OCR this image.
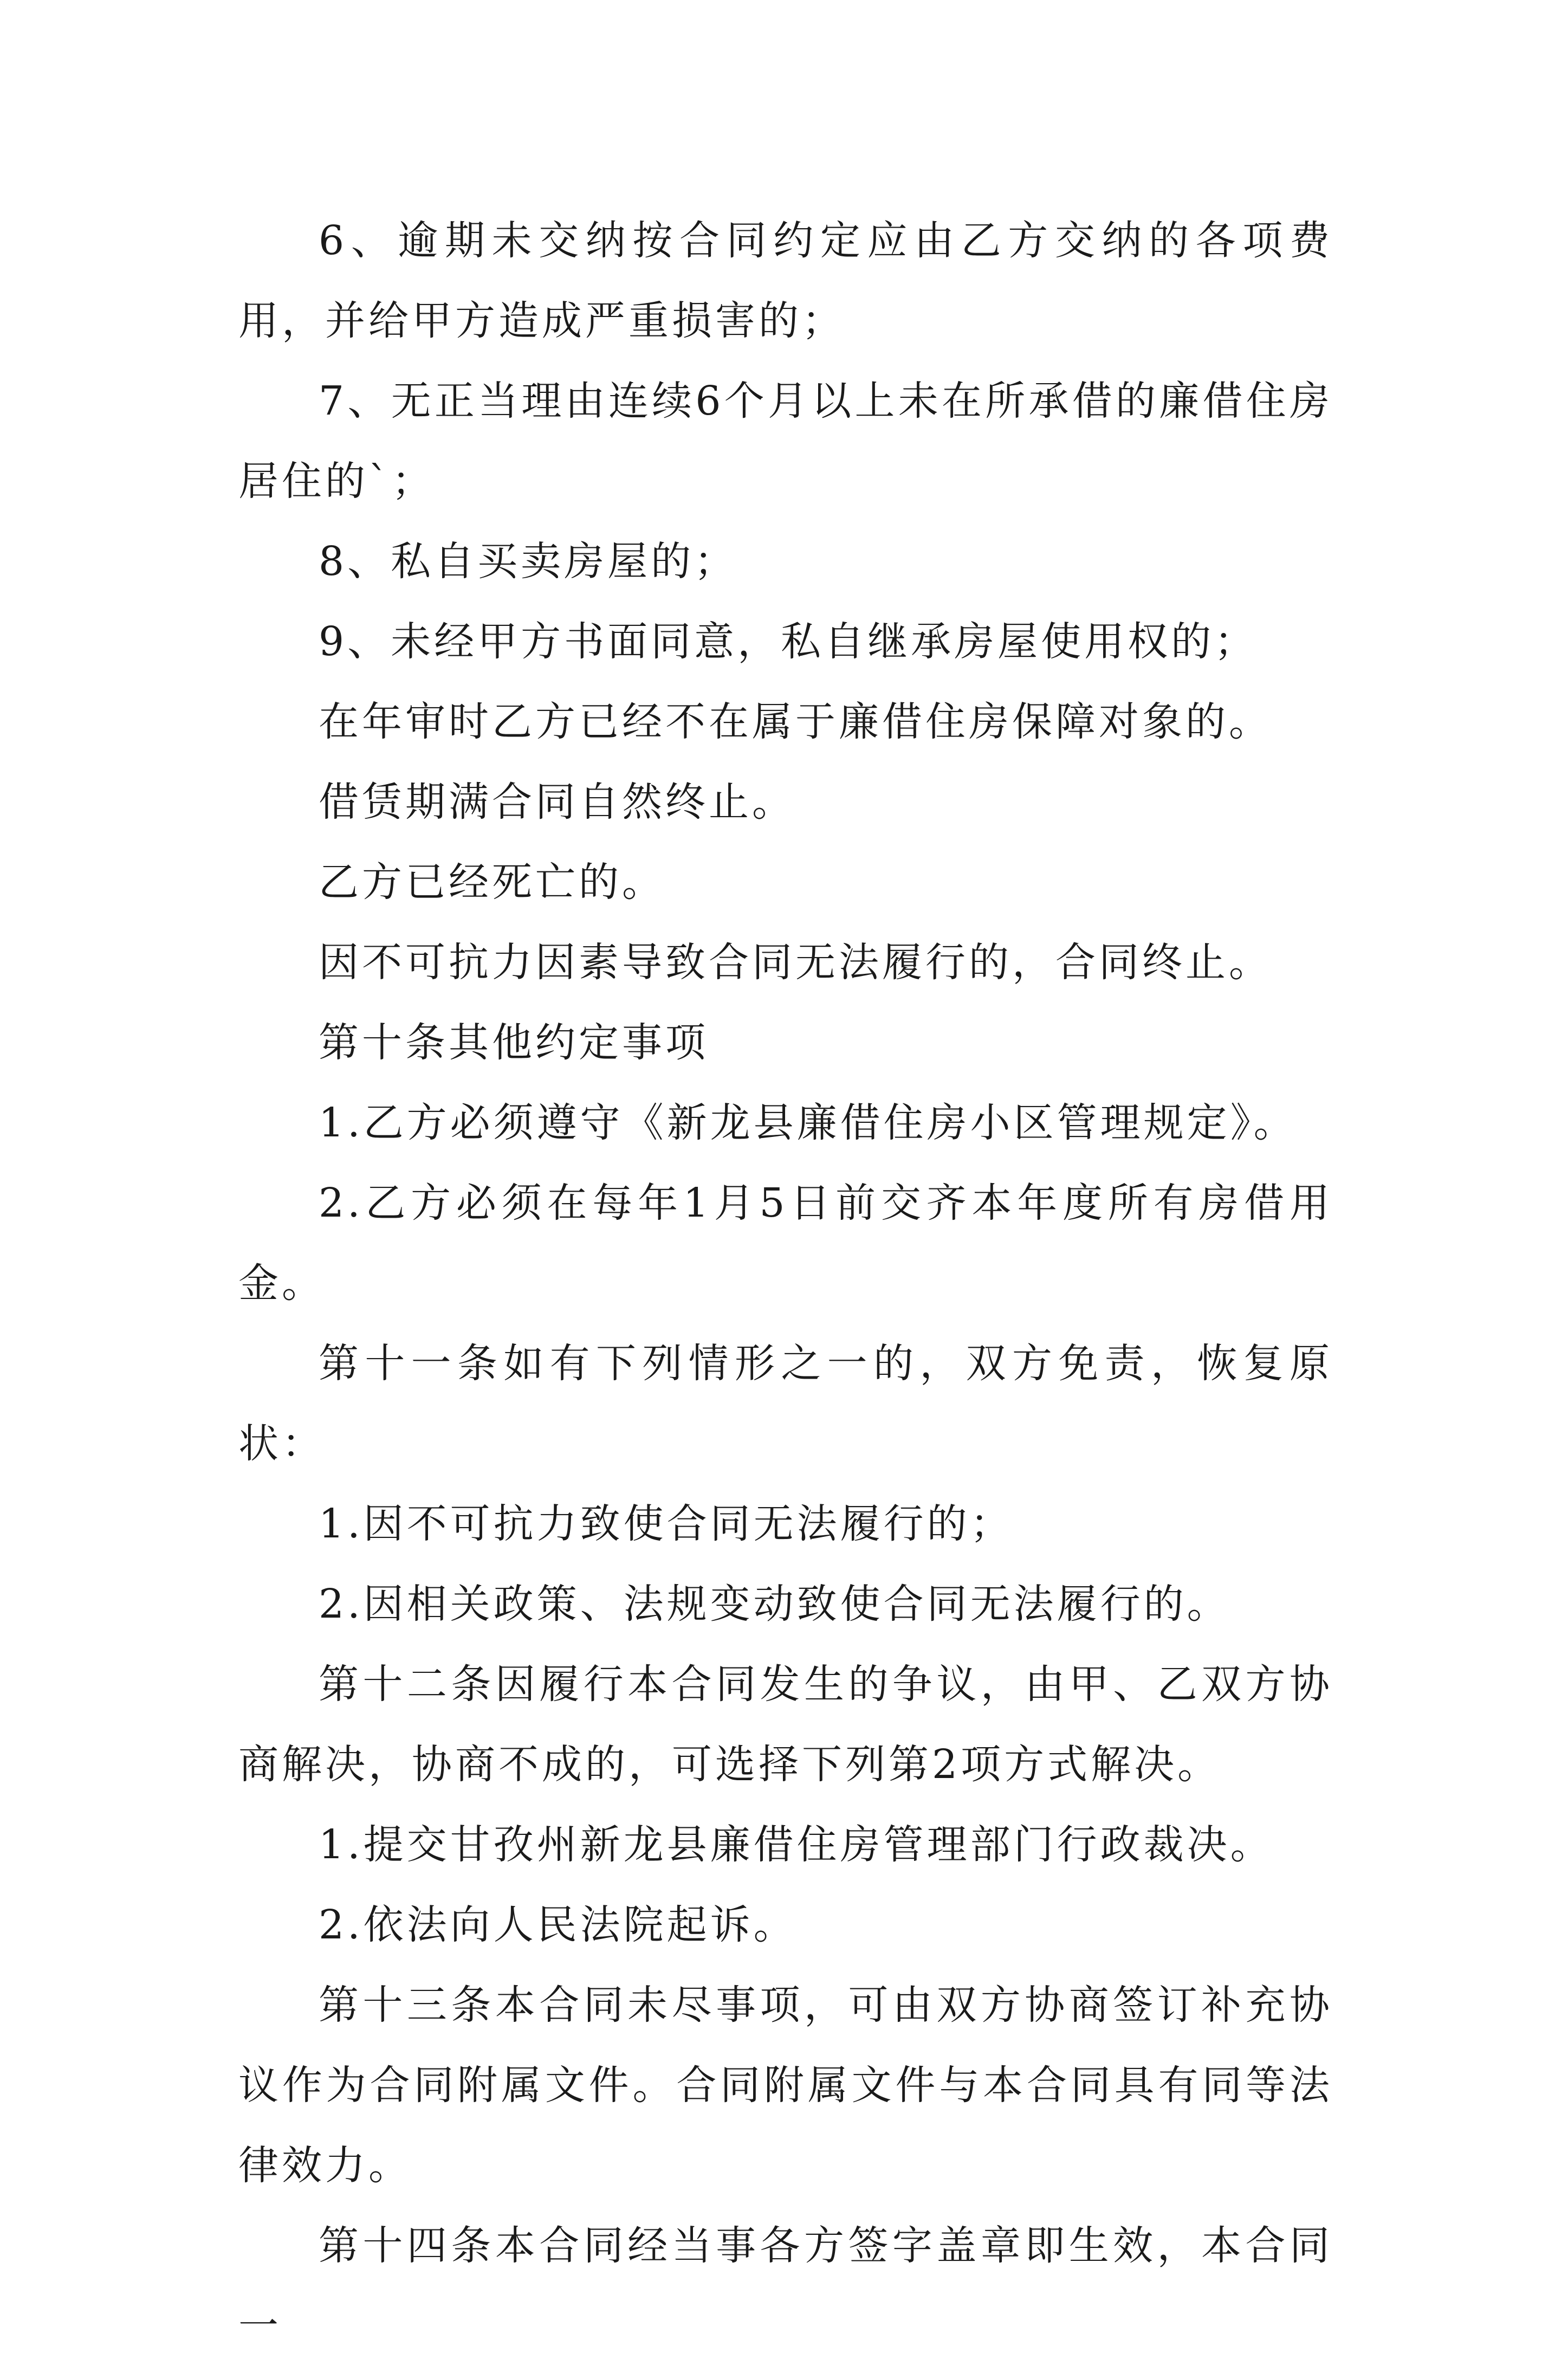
6、逾期未交纳按合同约定应由乙方交纳的各项费用，并给甲方造成严重损害的；

7、无正当理由连续6个月以上未在所承借的廉借住房居住的`；

8、私自买卖房屋的；

9、未经甲方书面同意，私自继承房屋使用权的；

在年审时乙方已经不在属于廉借住房保障对象的。

借赁期满合同自然终止。

乙方已经死亡的。

因不可抗力因素导致合同无法履行的，合同终止。

第十条其他约定事项

1.乙方必须遵守《新龙县廉借住房小区管理规定》。

2.乙方必须在每年1月5日前交齐本年度所有房借用金。

第十一条如有下列情形之一的，双方免责，恢复原状：

1.因不可抗力致使合同无法履行的；

2.因相关政策、法规变动致使合同无法履行的。

第十二条因履行本合同发生的争议，由甲、乙双方协商解决，协商不成的，可选择下列第2项方式解决。

1.提交甘孜州新龙县廉借住房管理部门行政裁决。

2.依法向人民法院起诉。

第十三条本合同未尽事项，可由双方协商签订补充协议作为合同附属文件。合同附属文件与本合同具有同等法律效力。

第十四条本合同经当事各方签字盖章即生效，本合同一
